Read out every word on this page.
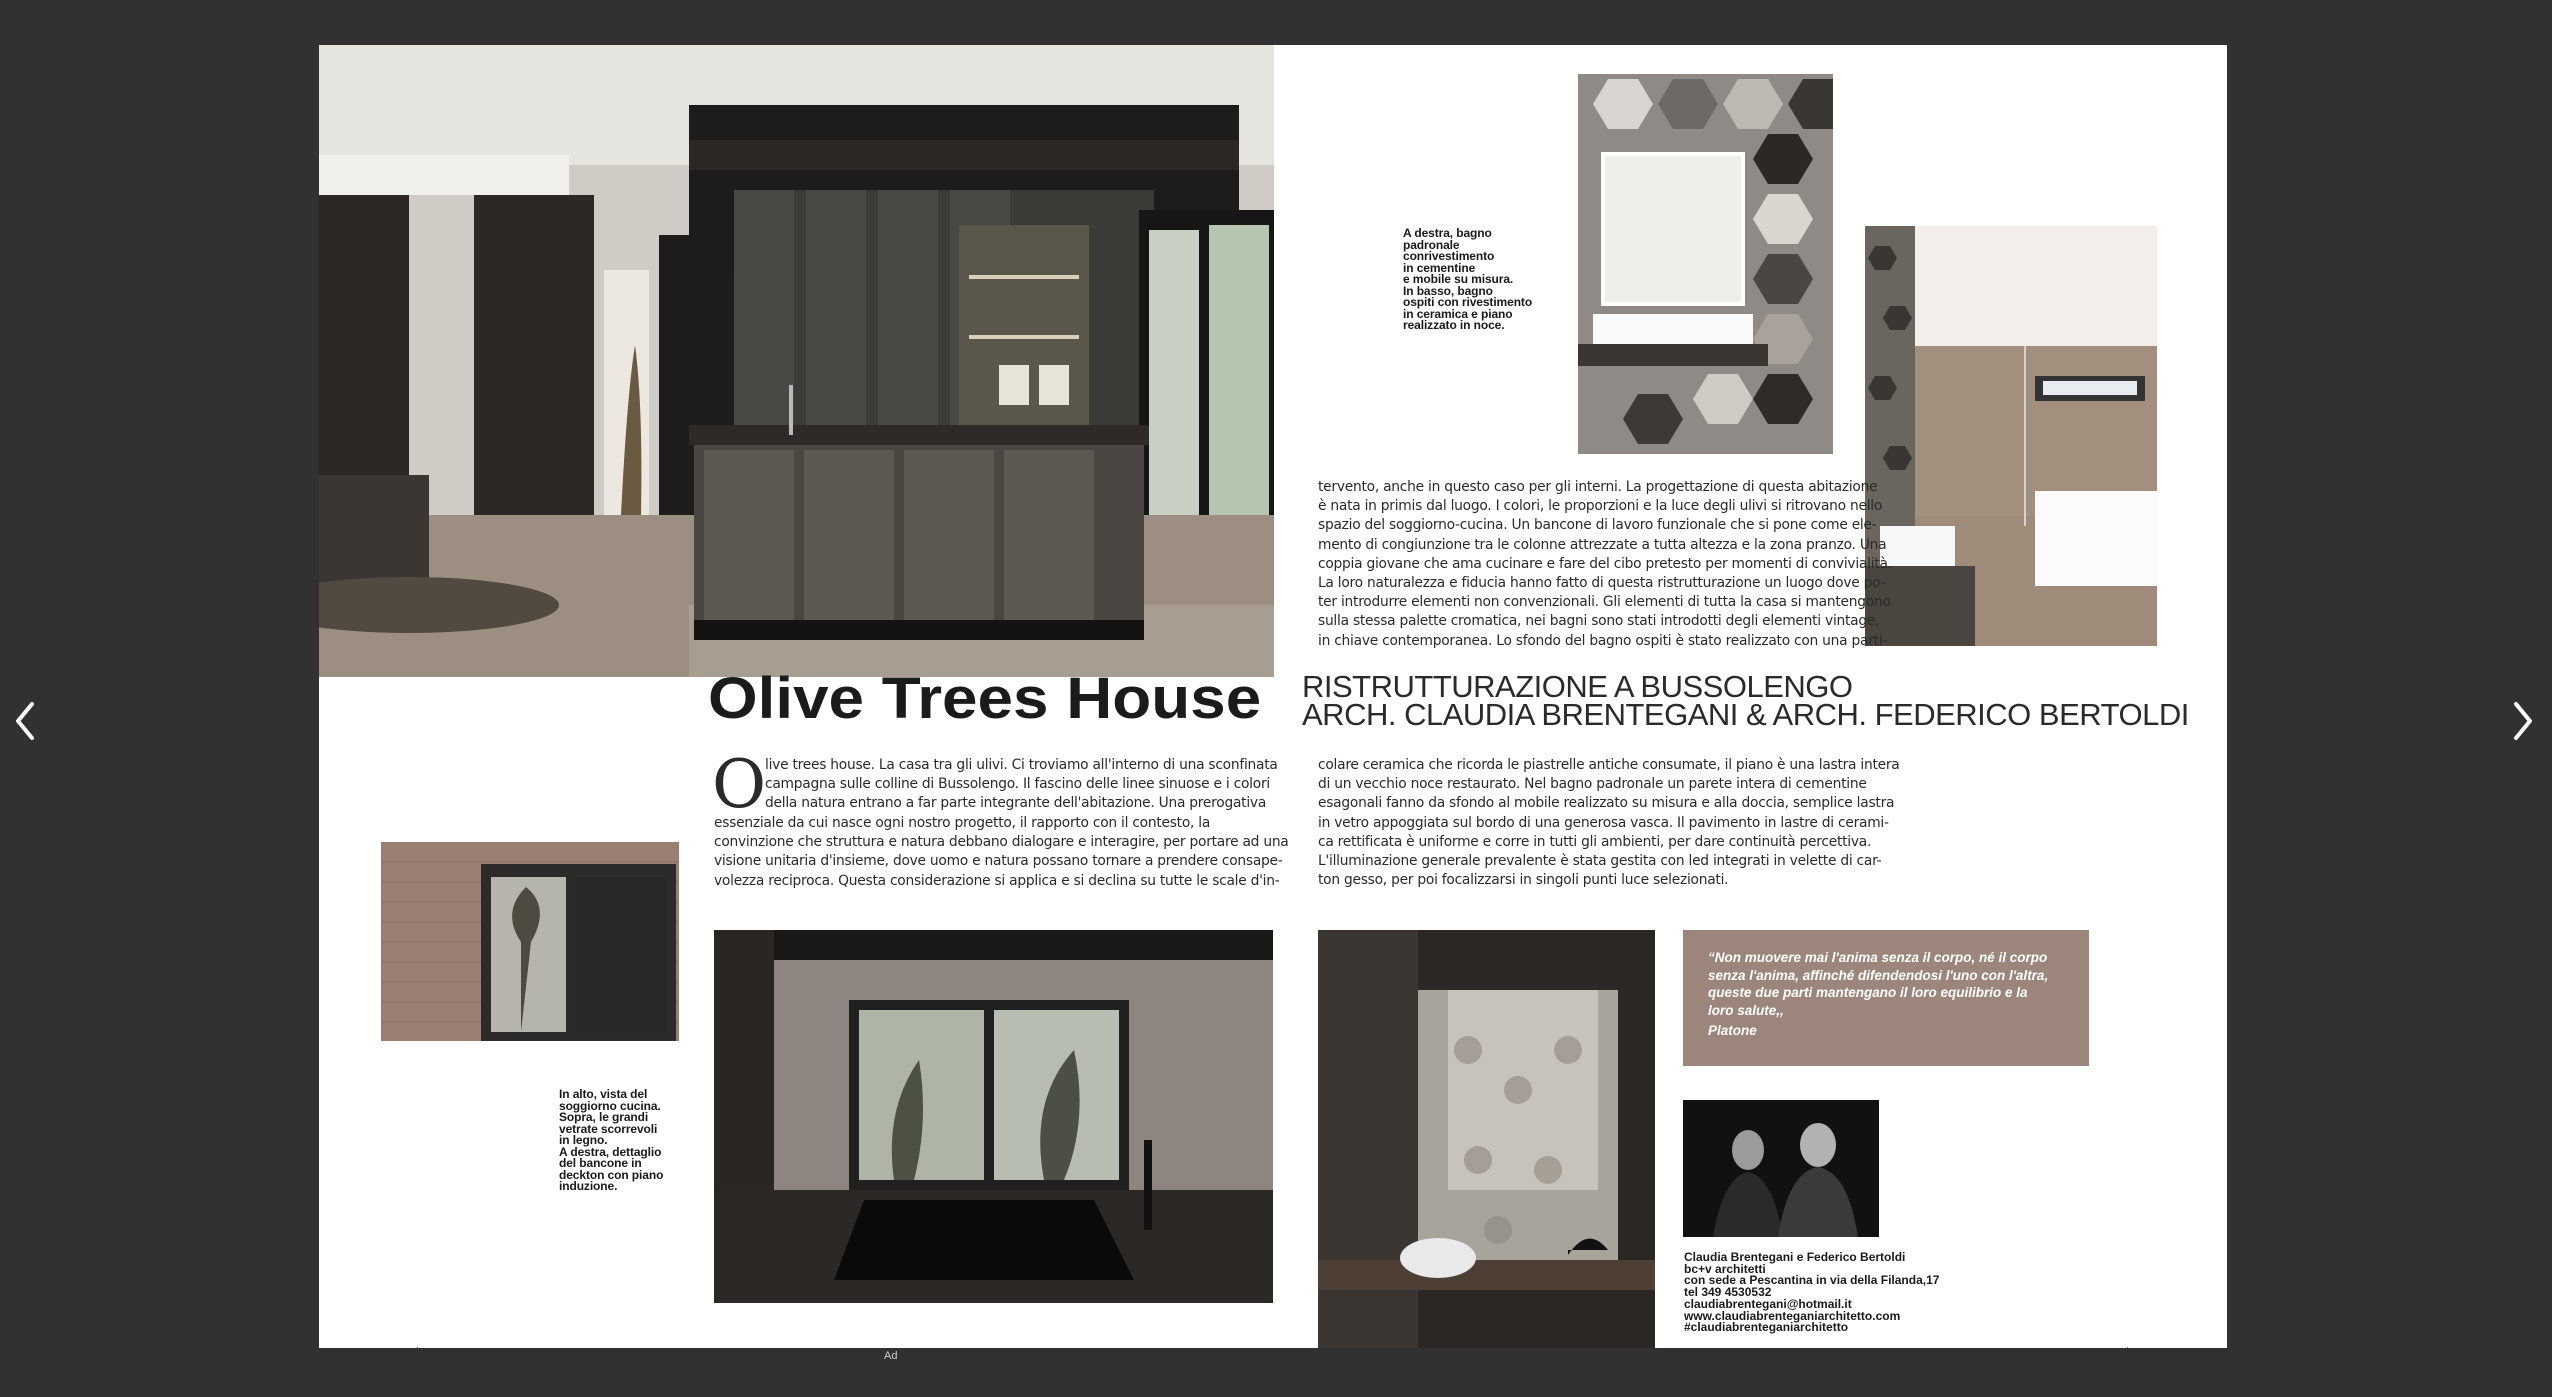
Ad
Olive Trees House RISTRUTTURAZIONE A BUSSOLENGO
ARCH. CLAUDIA BRENTEGANI & ARCH. FEDERICO BERTOLDI
O
live trees house. La casa tra gli ulivi. Ci troviamo all'interno di una sconfinata
campagna sulle colline di Bussolengo. Il fascino delle linee sinuose e i colori
della natura entrano a far parte integrante dell'abitazione. Una prerogativa
essenziale da cui nasce ogni nostro progetto, il rapporto con il contesto, la
convinzione che struttura e natura debbano dialogare e interagire, per portare ad una
visione unitaria d'insieme, dove uomo e natura possano tornare a prendere consape-
volezza reciproca. Questa considerazione si applica e si declina su tutte le scale d'in-
tervento, anche in questo caso per gli interni. La progettazione di questa abitazione
è nata in primis dal luogo. I colori, le proporzioni e la luce degli ulivi si ritrovano nello
spazio del soggiorno-cucina. Un bancone di lavoro funzionale che si pone come ele-
mento di congiunzione tra le colonne attrezzate a tutta altezza e la zona pranzo. Una
coppia giovane che ama cucinare e fare del cibo pretesto per momenti di convivialità.
La loro naturalezza e fiducia hanno fatto di questa ristrutturazione un luogo dove po-
ter introdurre elementi non convenzionali. Gli elementi di tutta la casa si mantengono
sulla stessa palette cromatica, nei bagni sono stati introdotti degli elementi vintage,
in chiave contemporanea. Lo sfondo del bagno ospiti è stato realizzato con una parti-
colare ceramica che ricorda le piastrelle antiche consumate, il piano è una lastra intera
di un vecchio noce restaurato. Nel bagno padronale un parete intera di cementine
esagonali fanno da sfondo al mobile realizzato su misura e alla doccia, semplice lastra
in vetro appoggiata sul bordo di una generosa vasca. Il pavimento in lastre di cerami-
ca rettificata è uniforme e corre in tutti gli ambienti, per dare continuità percettiva.
L'illuminazione generale prevalente è stata gestita con led integrati in velette di car-
ton gesso, per poi focalizzarsi in singoli punti luce selezionati.
A destra, bagno
padronale
conrivestimento
in cementine
e mobile su misura.
In basso, bagno
ospiti con rivestimento
in ceramica e piano
realizzato in noce.
In alto, vista del
soggiorno cucina.
Sopra, le grandi
vetrate scorrevoli
in legno.
A destra, dettaglio
del bancone in
deckton con piano
induzione.
“Non muovere mai l'anima senza il corpo, né il corpo
senza l'anima, affinché difendendosi l'uno con l'altra,
queste due parti mantengano il loro equilibrio e la
loro salute,,
Platone
Claudia Brentegani e Federico Bertoldi
bc+v architetti
con sede a Pescantina in via della Filanda,17
tel 349 4530532
claudiabrentegani@hotmail.it
www.claudiabrenteganiarchitetto.com
#claudiabrenteganiarchitetto
